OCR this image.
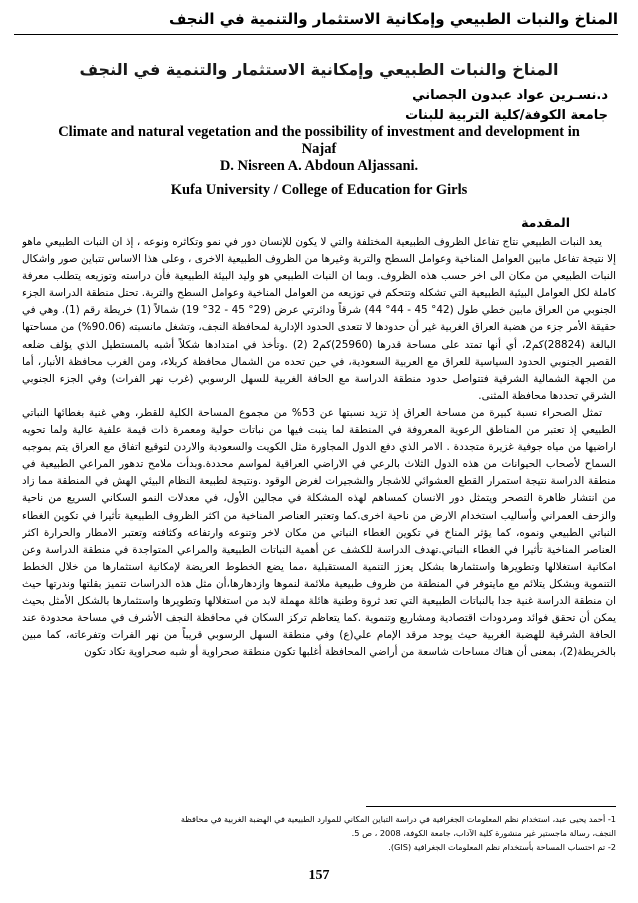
المناخ والنبات الطبيعي وإمكانية الاستثمار والتنمية في النجف
المناخ والنبات الطبيعي وإمكانية الاستثمار والتنمية في النجف
د.نسـرين عواد عبدون الجصاني
جامعة الكوفة/كلية التربية للبنات
Climate and natural vegetation and the possibility of investment and development in Najaf
D. Nisreen A. Abdoun Aljassani.
Kufa University / College of Education for Girls
المقدمة

يعد النبات الطبيعي نتاج تفاعل الظروف الطبيعية المختلفة والتي لا يكون للإنسان دور في نمو وتكاثره ونوعه ، إذ ان النبات الطبيعي ماهو إلا نتيجة تفاعل مابين العوامل المناخية وعوامل السطح والتربة وغيرها من الظروف الطبيعية الاخرى ، وعلى هذا الاساس تتباين صور واشكال النبات الطبيعي من مكان الى اخر حسب هذه الظروف. وبما ان النبات الطبيعي هو وليد البيئة الطبيعية فأن دراسته وتوزيعه يتطلب معرفة كاملة لكل العوامل البيئية الطبيعية التي تشكله وتتحكم في توزيعه من العوامل المناخية وعوامل السطح والتربة. تحتل منطقة الدراسة الجزء الجنوبي من العراق مابين خطي طول (42° 45 - 44° 44) شرقاً ودائرتي عرض (29° 45 - 32° 19) شمالاً (1) خريطة رقم (1). وهي في حقيقة الأمر جزء من هضبة العراق الغربية غير أن حدودها لا تتعدى الحدود الإدارية لمحافظة النجف، وتشغل مانسبته (90.06%) من مساحتها البالغة (28824)كم2، أي أنها تمتد على مساحة قدرها (25960)كم2 (2) .وتأخذ في امتدادها شكلاً أشبه بالمستطيل الذي يؤلف ضلعه القصير الجنوبي الحدود السياسية للعراق مع العربية السعودية، في حين تحده من الشمال محافظة كربلاء، ومن الغرب محافظة الأنبار، أما من الجهة الشمالية الشرقية فتتواصل حدود منطقة الدراسة مع الحافة الغربية للسهل الرسوبي (غرب نهر الفرات) وفي الجزء الجنوبي الشرقي تحددها محافظة المثنى.

تمثل الصحراء نسبة كبيرة من مساحة العراق إذ تزيد نسبتها عن 53% من مجموع المساحة الكلية للقطر، وهي غنية بغطائها النباتي الطبيعي إذ تعتبر من المناطق الرعوية المعروفة في المنطقة لما ينبت فيها من نباتات حولية ومعمرة ذات قيمة علفية عالية ولما تحويه اراضيها من مياه جوفية غزيرة متجددة . الامر الذي دفع الدول المجاورة مثل الكويت والسعودية والاردن لتوقيع اتفاق مع العراق يتم بموجبه السماح لأصحاب الحيوانات من هذه الدول الثلاث بالرعي في الاراضي العراقية لمواسم محددة.وبدأت ملامح تدهور المراعي الطبيعية في منطقة الدراسة نتيجة استمرار القطع العشوائي للاشجار والشجيرات لغرض الوقود .ونتيجة لطبيعة النظام البيئي الهش في المنطقة مما زاد من انتشار ظاهرة التصحر ويتمثل دور الانسان كمساهم لهذه المشكلة في مجالين الأول، في معدلات النمو السكاني السريع من ناحية والزحف العمراني وأساليب استخدام الارض من ناحية اخرى.كما وتعتبر العناصر المناخية من اكثر الظروف الطبيعية تأثيرا في تكوين الغطاء النباتي الطبيعي ونموه، كما يؤثر المناخ في تكوين الغطاء النباتي من مكان لاخر وتنوعه وارتفاعه وكثافته وتعتبر الامطار والحرارة اكثر العناصر المناخية تأثيرا في الغطاء النباتي.تهدف الدراسة للكشف عن أهمية النباتات الطبيعية والمراعي المتواجدة في منطقة الدراسة وعن امكانية استغلالها وتطويرها واستثمارها بشكل يعزز التنمية المستقبلية ،مما يضع الخطوط العريضة لإمكانية استثمارها من خلال الخطط التنموية وبشكل يتلائم مع مايتوفر في المنطقة من ظروف طبيعية ملائمة لنموها وازدهارها،أن مثل هذه الدراسات تتميز بقلتها وندرتها حيث ان منطقة الدراسة غنية جدا بالنباتات الطبيعية التي تعد ثروة وطنية هائلة مهملة لابد من استغلالها وتطويرها واستثمارها بالشكل الأمثل بحيث يمكن أن تحقق فوائد ومردودات اقتصادية ومشاريع وتنموية .كما يتعاظم تركز السكان في محافظة النجف الأشرف في مساحة محدودة عند الحافة الشرقية للهضبة الغربية حيث يوجد مرقد الإمام علي(ع) وفي منطقة السهل الرسوبي قريباً من نهر الفرات وتفرعاته، كما مبين بالخريطة(2)، بمعنى أن هناك مساحات شاسعة من أراضي المحافظة أغلبها تكون منطقة صحراوية أو شبه صحراوية تكاد تكون

1- أحمد يحيى عبد، استخدام نظم المعلومات الجغرافية في دراسة التباين المكاني للموارد الطبيعية في الهضبة الغربية في محافظة
النجف، رسالة ماجستير غير منشورة كلية الآداب، جامعة الكوفة، 2008 ، ص 5.
2- تم احتساب المساحة بأستخدام نظم المعلومات الجغرافية (GIS).
157
